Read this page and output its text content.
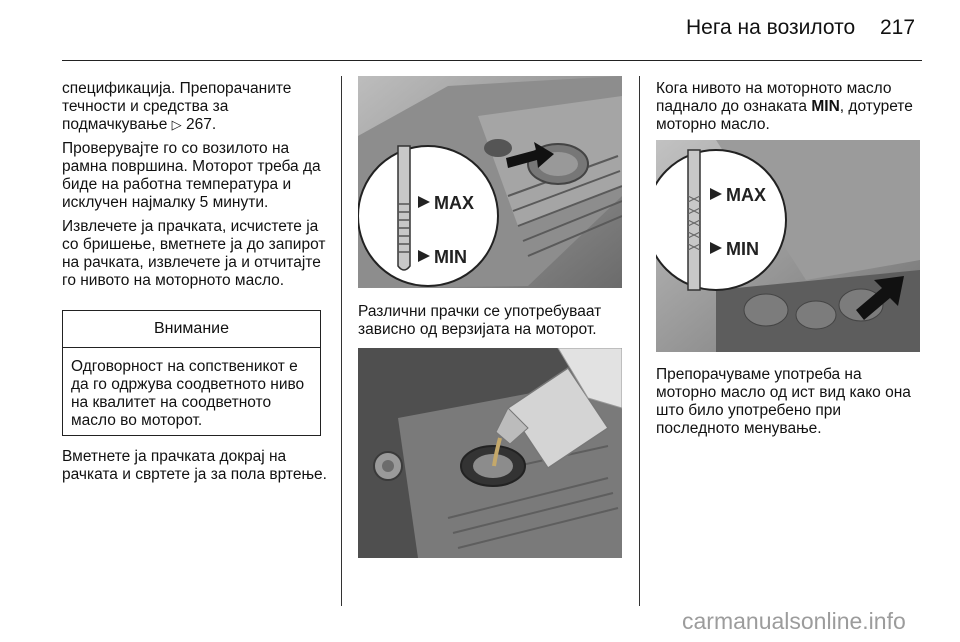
Нега на возилото 217

спецификација. Препорачаните течности и средства за подмачкување ▷ 267.

Проверувајте го со возилото на рамна површина. Моторот треба да биде на работна температура и исклучен најмалку 5 минути.

Извлечете ја прачката, исчистете ја со бришење, вметнете ја до запирот на рачката, извлечете ја и отчитајте го нивото на моторното масло.

Внимание
Одговорност на сопственикот е да го одржува соодветното ниво на квалитет на соодветното масло во моторот.

Вметнете ја прачката докрај на рачката и свртете ја за пола вртење.

MAX
MIN

Различни прачки се употребуваат зависно од верзијата на моторот.

Кога нивото на моторното масло паднало до ознаката MIN, дотурете моторно масло.

MAX
MIN

Препорачуваме употреба на моторно масло од ист вид како она што било употребено при последното менување.

carmanualsonline.info
